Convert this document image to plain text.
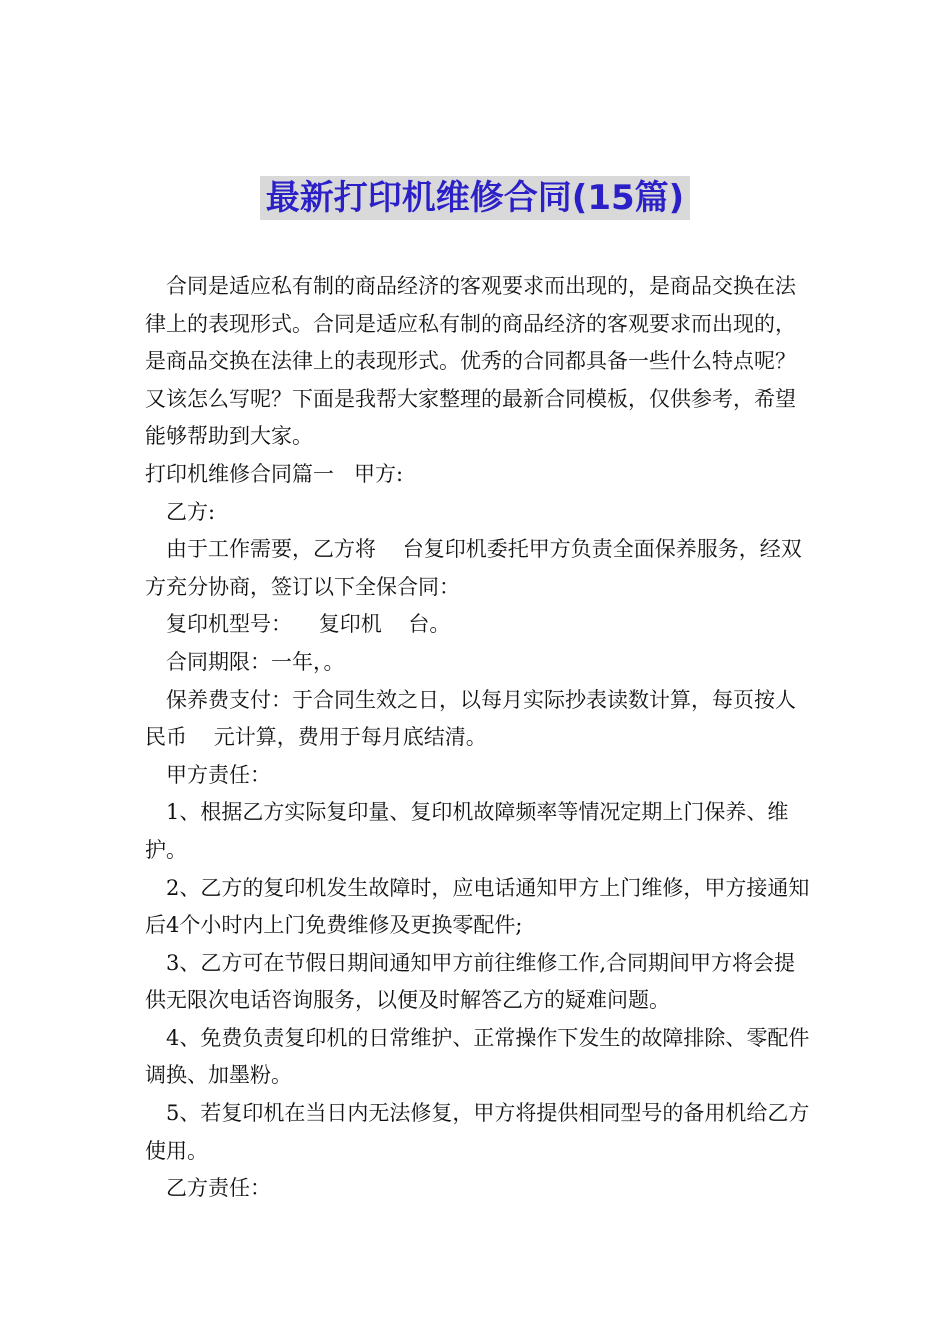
最新打印机维修合同(15篇)

合同是适应私有制的商品经济的客观要求而出现的，是商品交换在法律上的表现形式。合同是适应私有制的商品经济的客观要求而出现的，是商品交换在法律上的表现形式。优秀的合同都具备一些什么特点呢？又该怎么写呢？下面是我帮大家整理的最新合同模板，仅供参考，希望能够帮助到大家。

打印机维修合同篇一   甲方:

乙方:

由于工作需要，乙方将    台复印机委托甲方负责全面保养服务，经双方充分协商，签订以下全保合同：

复印机型号：    复印机    台。

合同期限：一年，。

保养费支付：于合同生效之日，以每月实际抄表读数计算，每页按人民币    元计算，费用于每月底结清。

甲方责任：

1、根据乙方实际复印量、复印机故障频率等情况定期上门保养、维护。

2、乙方的复印机发生故障时，应电话通知甲方上门维修，甲方接通知后4个小时内上门免费维修及更换零配件;

3、乙方可在节假日期间通知甲方前往维修工作,合同期间甲方将会提供无限次电话咨询服务，以便及时解答乙方的疑难问题。

4、免费负责复印机的日常维护、正常操作下发生的故障排除、零配件调换、加墨粉。

5、若复印机在当日内无法修复，甲方将提供相同型号的备用机给乙方使用。

乙方责任：
